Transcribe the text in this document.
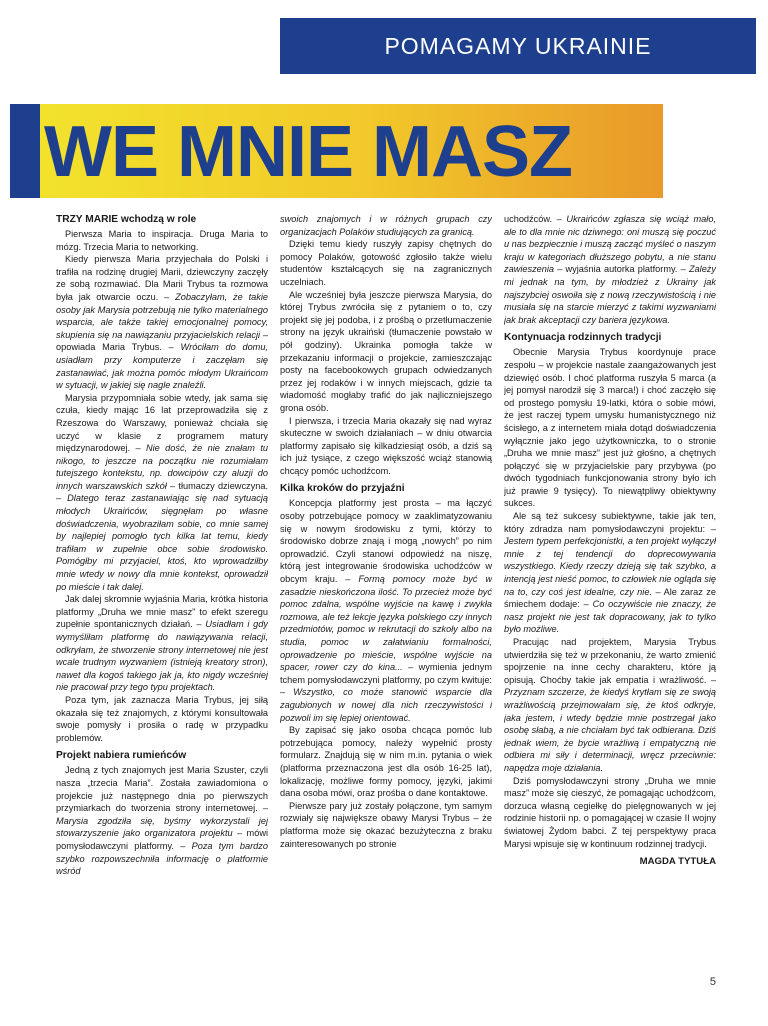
POMAGAMY UKRAINIE
WE MNIE MASZ
TRZY MARIE wchodzą w role

Pierwsza Maria to inspiracja. Druga Maria to mózg. Trzecia Maria to networking.

Kiedy pierwsza Maria przyjechała do Polski i trafiła na rodzinę drugiej Marii, dziewczyny zaczęły ze sobą rozmawiać. Dla Marii Trybus ta rozmowa była jak otwarcie oczu. – Zobaczyłam, że takie osoby jak Marysia potrzebują nie tylko materialnego wsparcia, ale także takiej emocjonalnej pomocy, skupienia się na nawiązaniu przyjacielskich relacji – opowiada Maria Trybus. – Wróciłam do domu, usiadłam przy komputerze i zaczęłam się zastanawiać, jak można pomóc młodym Ukraińcom w sytuacji, w jakiej się nagle znaleźli.

Marysia przypomniała sobie wtedy, jak sama się czuła, kiedy mając 16 lat przeprowadziła się z Rzeszowa do Warszawy, ponieważ chciała się uczyć w klasie z programem matury międzynarodowej. – Nie dość, że nie znałam tu nikogo, to jeszcze na początku nie rozumiałam tutejszego kontekstu, np. dowcipów czy aluzji do innych warszawskich szkół – tłumaczy dziewczyna. – Dlatego teraz zastanawiając się nad sytuacją młodych Ukraińców, sięgnęłam po własne doświadczenia, wyobraziłam sobie, co mnie samej by najlepiej pomogło tych kilka lat temu, kiedy trafiłam w zupełnie obce sobie środowisko. Pomógłby mi przyjaciel, ktoś, kto wprowadziłby mnie wtedy w nowy dla mnie kontekst, oprowadził po mieście i tak dalej.

Jak dalej skromnie wyjaśnia Maria, krótka historia platformy „Druha we mnie masz” to efekt szeregu zupełnie spontanicznych działań. – Usiadłam i gdy wymyśliłam platformę do nawiązywania relacji, odkryłam, że stworzenie strony internetowej nie jest wcale trudnym wyzwaniem (istnieją kreatory stron), nawet dla kogoś takiego jak ja, kto nigdy wcześniej nie pracował przy tego typu projektach.

Poza tym, jak zaznacza Maria Trybus, jej siłą okazała się też znajomych, z którymi konsultowała swoje pomysły i prosiła o radę w przypadku problemów.

Projekt nabiera rumieńców

Jedną z tych znajomych jest Maria Szuster, czyli nasza „trzecia Maria”. Została zawiadomiona o projekcie już następnego dnia po pierwszych przymiarkach do tworzenia strony internetowej. – Marysia zgodziła się, byśmy wykorzystali jej stowarzyszenie jako organizatora projektu – mówi pomysłodawczyni platformy. – Poza tym bardzo szybko rozpowszechniła informację o platformie wśród

swoich znajomych i w różnych grupach czy organizacjach Polaków studiujących za granicą.

Dzięki temu kiedy ruszyły zapisy chętnych do pomocy Polaków, gotowość zgłosiło także wielu studentów kształcących się na zagranicznych uczelniach.

Ale wcześniej była jeszcze pierwsza Marysia, do której Trybus zwróciła się z pytaniem o to, czy projekt się jej podoba, i z prośbą o przetłumaczenie strony na język ukraiński (tłumaczenie powstało w pół godziny). Ukrainka pomogła także w przekazaniu informacji o projekcie, zamieszczając posty na facebookowych grupach odwiedzanych przez jej rodaków i w innych miejscach, gdzie ta wiadomość mogłaby trafić do jak najliczniejszego grona osób.

I pierwsza, i trzecia Maria okazały się nad wyraz skuteczne w swoich działaniach – w dniu otwarcia platformy zapisało się kilkadziesiąt osób, a dziś są ich już tysiące, z czego większość wciąż stanowią chcący pomóc uchodźcom.

Kilka kroków do przyjaźni

Koncepcja platformy jest prosta – ma łączyć osoby potrzebujące pomocy w zaaklimatyzowaniu się w nowym środowisku z tymi, którzy to środowisko dobrze znają i mogą „nowych” po nim oprowadzić. Czyli stanowi odpowiedź na niszę, którą jest integrowanie środowiska uchodźców w obcym kraju. – Formą pomocy może być w zasadzie nieskończona ilość. To przecież może być pomoc zdalna, wspólne wyjście na kawę i zwykła rozmowa, ale też lekcje języka polskiego czy innych przedmiotów, pomoc w rekrutacji do szkoły albo na studia, pomoc w załatwianiu formalności, oprowadzenie po mieście, wspólne wyjście na spacer, rower czy do kina... – wymienia jednym tchem pomysłodawczyni platformy, po czym kwituje: – Wszystko, co może stanowić wsparcie dla zagubionych w nowej dla nich rzeczywistości i pozwoli im się lepiej orientować.

By zapisać się jako osoba chcąca pomóc lub potrzebująca pomocy, należy wypełnić prosty formularz. Znajdują się w nim m.in. pytania o wiek (platforma przeznaczona jest dla osób 16-25 lat), lokalizację, możliwe formy pomocy, języki, jakimi dana osoba mówi, oraz prośba o dane kontaktowe.

Pierwsze pary już zostały połączone, tym samym rozwiały się największe obawy Marysi Trybus – że platforma może się okazać bezużyteczna z braku zainteresowanych po stronie

uchodźców. – Ukraińców zgłasza się wciąż mało, ale to dla mnie nic dziwnego: oni muszą się poczuć u nas bezpiecznie i muszą zacząć myśleć o naszym kraju w kategoriach dłuższego pobytu, a nie stanu zawieszenia – wyjaśnia autorka platformy. – Zależy mi jednak na tym, by młodzież z Ukrainy jak najszybciej oswoiła się z nową rzeczywistością i nie musiała się na starcie mierzyć z takimi wyzwaniami jak brak akceptacji czy bariera językowa.

Kontynuacja rodzinnych tradycji

Obecnie Marysia Trybus koordynuje prace zespołu – w projekcie nastale zaangażowanych jest dziewięć osób. I choć platforma ruszyła 5 marca (a jej pomysł narodził się 3 marca!) i choć zaczęło się od prostego pomysłu 19-latki, która o sobie mówi, że jest raczej typem umysłu humanistycznego niż ścisłego, a z internetem miała dotąd doświadczenia wyłącznie jako jego użytkowniczka, to o stronie „Druha we mnie masz” jest już głośno, a chętnych połączyć się w przyjacielskie pary przybywa (po dwóch tygodniach funkcjonowania strony było ich już prawie 9 tysięcy). To niewątpliwy obiektywny sukces.

Ale są też sukcesy subiektywne, takie jak ten, który zdradza nam pomysłodawczyni projektu: – Jestem typem perfekcjonistki, a ten projekt wyłączył mnie z tej tendencji do doprecowywania wszystkiego. Kiedy rzeczy dzieją się tak szybko, a intencją jest nieść pomoc, to człowiek nie ogląda się na to, czy coś jest idealne, czy nie. – Ale zaraz ze śmiechem dodaje: – Co oczywiście nie znaczy, że nasz projekt nie jest tak dopracowany, jak to tylko było możliwe.

Pracując nad projektem, Marysia Trybus utwierdziła się też w przekonaniu, że warto zmienić spojrzenie na inne cechy charakteru, które ją opisują. Choćby takie jak empatia i wrażliwość. – Przyznam szczerze, że kiedyś krytłam się ze swoją wrażliwością przejmowałam się, że ktoś odkryje, jaka jestem, i wtedy będzie mnie postrzegał jako osobę słabą, a nie chciałam być tak odbierana. Dziś jednak wiem, że bycie wrażliwą i empatyczną nie odbiera mi siły i determinacji, wręcz przeciwnie: napędza moje działania.

Dziś pomysłodawczyni strony „Druha we mnie masz” może się cieszyć, że pomagając uchodźcom, dorzuca własną cegiełkę do pielęgnowanych w jej rodzinie historii np. o pomagającej w czasie II wojny światowej Żydom babci. Z tej perspektywy praca Marysi wpisuje się w kontinuum rodzinnej tradycji.

MAGDA TYTUŁA
5
